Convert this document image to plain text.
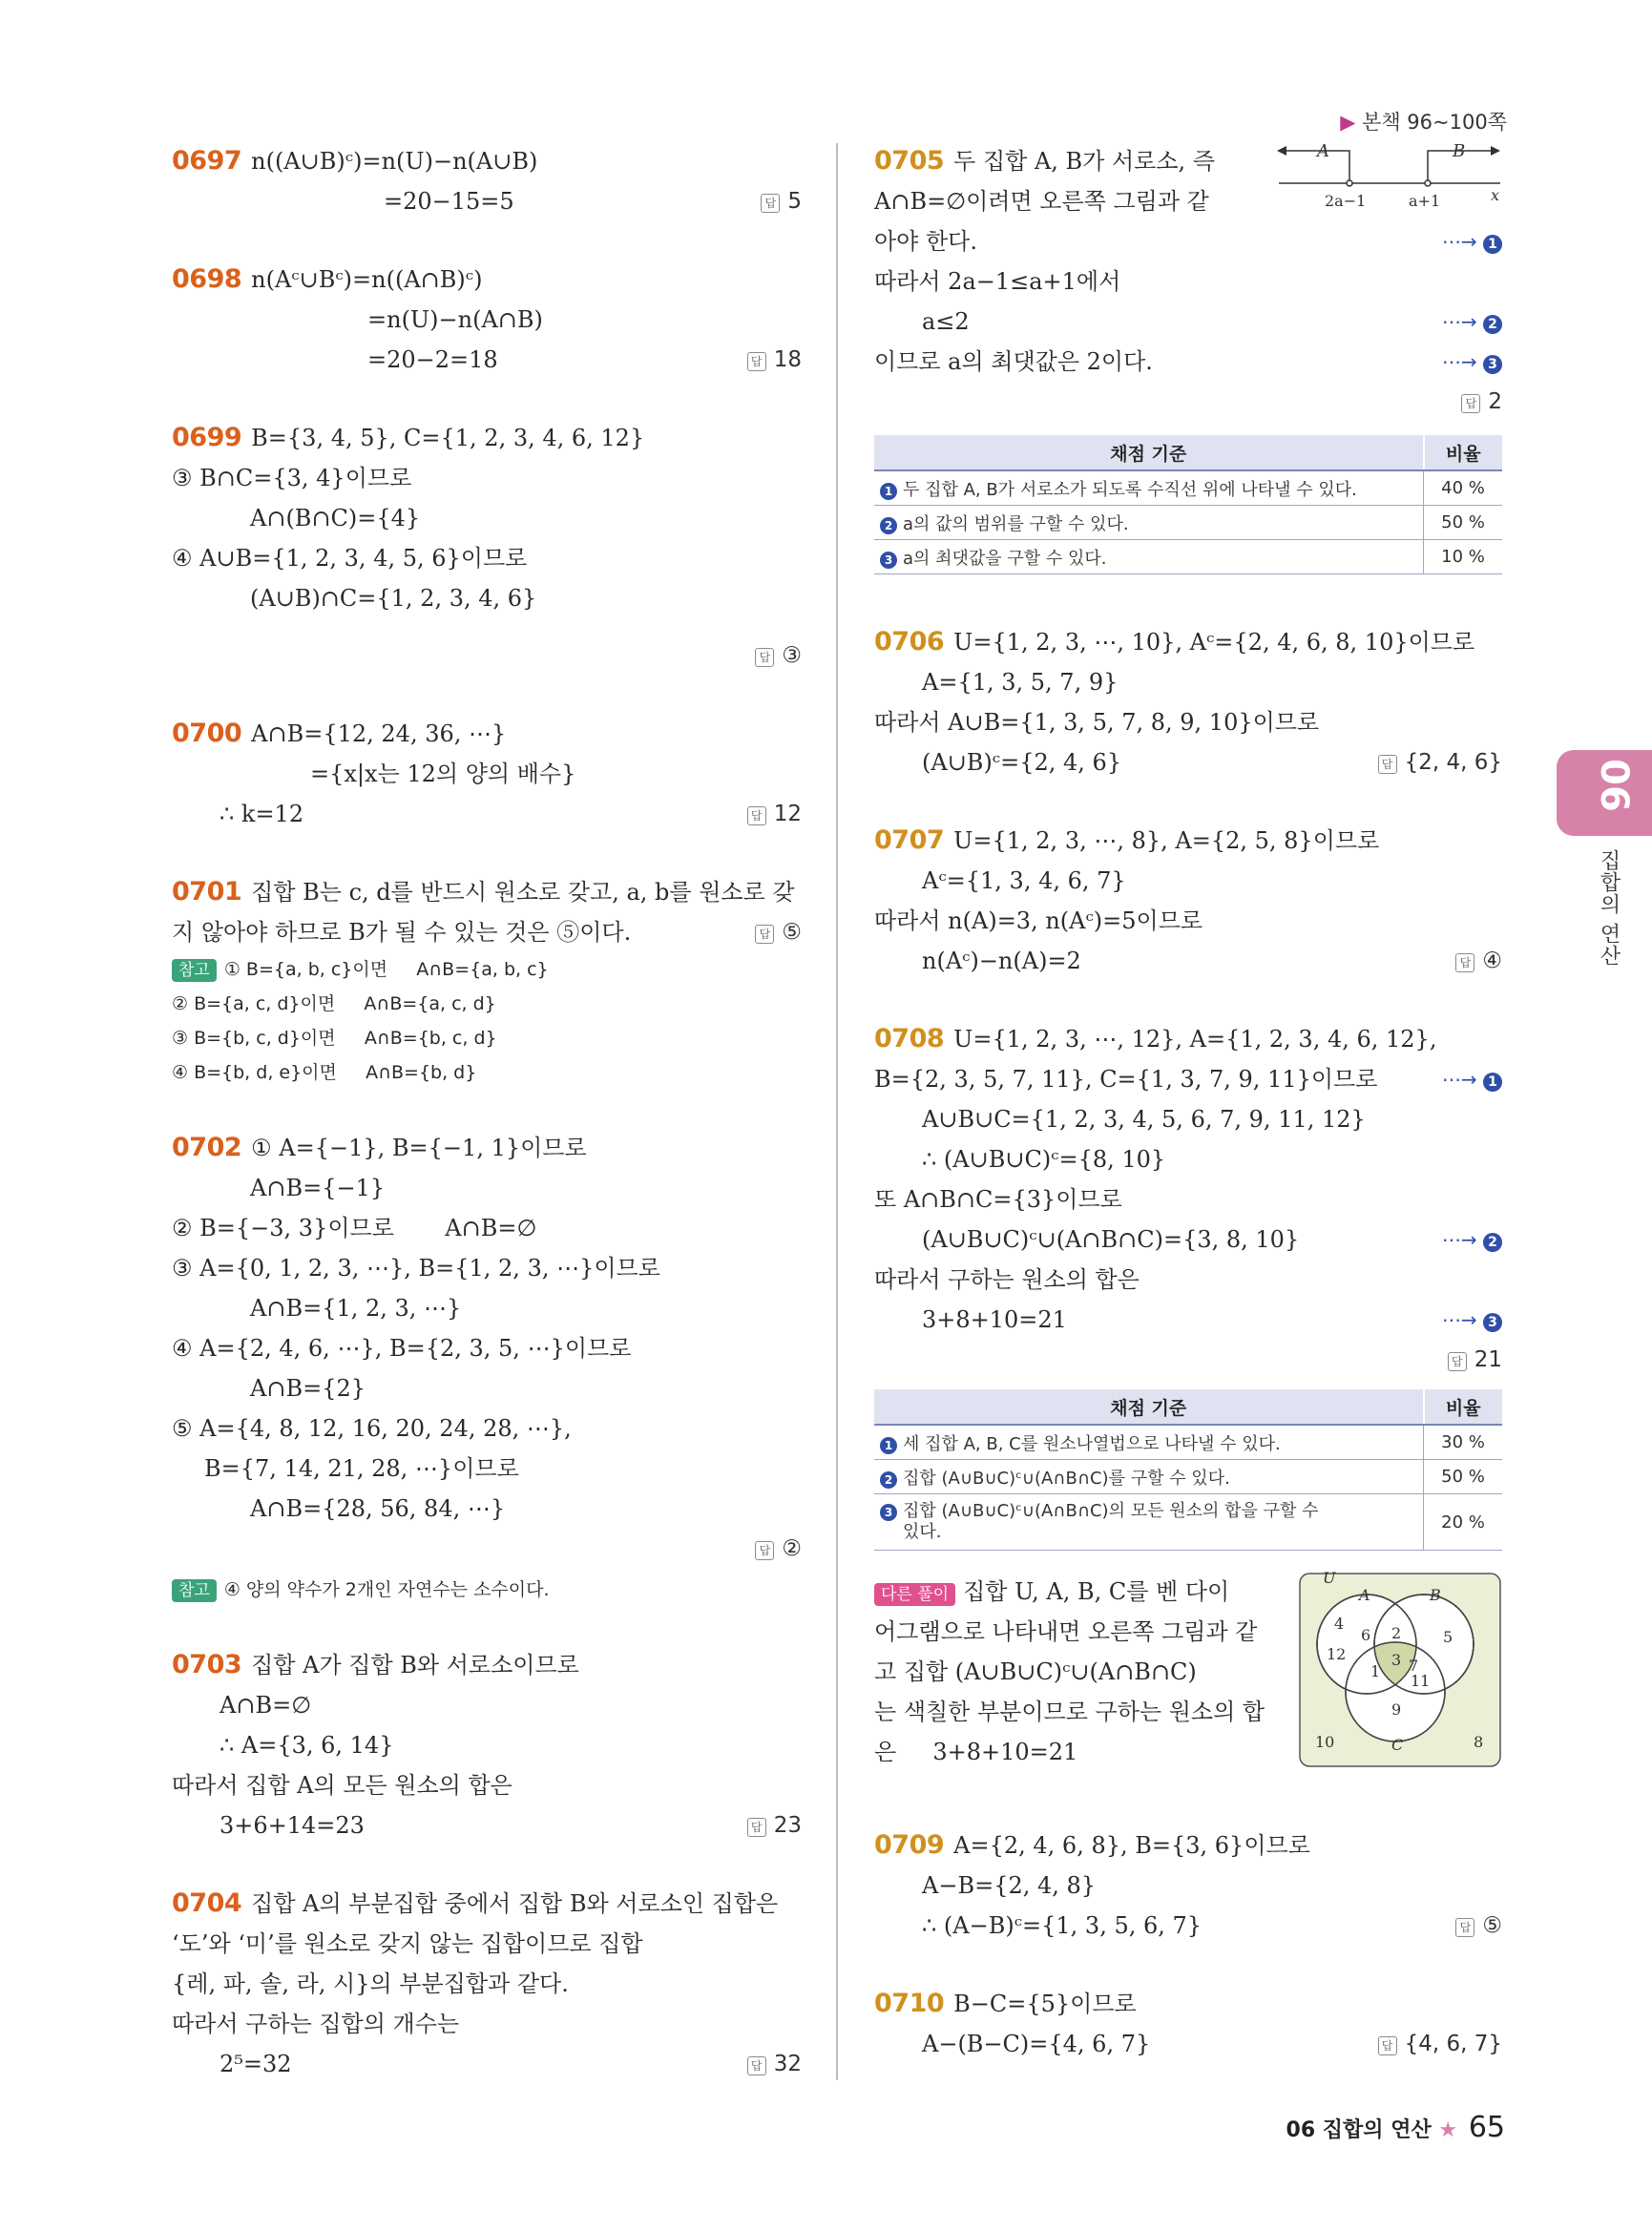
▶ 본책 96~100쪽
0697 n((A∪B)ᶜ)=n(U)−n(A∪B)
=20−15=5	답 5
0698 n(Aᶜ∪Bᶜ)=n((A∩B)ᶜ)
=n(U)−n(A∩B)
=20−2=18	답 18
0699 B={3, 4, 5}, C={1, 2, 3, 4, 6, 12}
③ B∩C={3, 4}이므로
A∩(B∩C)={4}
④ A∪B={1, 2, 3, 4, 5, 6}이므로
(A∪B)∩C={1, 2, 3, 4, 6}
답 ③
0700 A∩B={12, 24, 36, ⋯}
={x|x는 12의 양의 배수}
∴ k=12	답 12
0701 집합 B는 c, d를 반드시 원소로 갖고, a, b를 원소로 갖
지 않아야 하므로 B가 될 수 있는 것은 ⑤이다.	답 ⑤
참고 ① B={a, b, c}이면     A∩B={a, b, c}
② B={a, c, d}이면     A∩B={a, c, d}
③ B={b, c, d}이면     A∩B={b, c, d}
④ B={b, d, e}이면     A∩B={b, d}
0702 ① A={−1}, B={−1, 1}이므로
A∩B={−1}
② B={−3, 3}이므로       A∩B=∅
③ A={0, 1, 2, 3, ⋯}, B={1, 2, 3, ⋯}이므로
A∩B={1, 2, 3, ⋯}
④ A={2, 4, 6, ⋯}, B={2, 3, 5, ⋯}이므로
A∩B={2}
⑤ A={4, 8, 12, 16, 20, 24, 28, ⋯},
B={7, 14, 21, 28, ⋯}이므로
A∩B={28, 56, 84, ⋯}
답 ②
참고 ④ 양의 약수가 2개인 자연수는 소수이다.
0703 집합 A가 집합 B와 서로소이므로
A∩B=∅
∴ A={3, 6, 14}
따라서 집합 A의 모든 원소의 합은
3+6+14=23	답 23
0704 집합 A의 부분집합 중에서 집합 B와 서로소인 집합은
‘도’와 ‘미’를 원소로 갖지 않는 집합이므로 집합
{레, 파, 솔, 라, 시}의 부분집합과 같다.
따라서 구하는 집합의 개수는
2⁵=32	답 32
A	B
2a−1	a+1	x
0705 두 집합 A, B가 서로소, 즉
A∩B=∅이려면 오른쪽 그림과 같
아야 한다.	⋯→ 1
따라서 2a−1≤a+1에서
a≤2	⋯→ 2
이므로 a의 최댓값은 2이다.	⋯→ 3
답 2
채점 기준	비율
1 두 집합 A, B가 서로소가 되도록 수직선 위에 나타낼 수 있다.	40 %
2 a의 값의 범위를 구할 수 있다.	50 %
3 a의 최댓값을 구할 수 있다.	10 %
0706 U={1, 2, 3, ⋯, 10}, Aᶜ={2, 4, 6, 8, 10}이므로
A={1, 3, 5, 7, 9}
따라서 A∪B={1, 3, 5, 7, 8, 9, 10}이므로
(A∪B)ᶜ={2, 4, 6}	답 {2, 4, 6}
0707 U={1, 2, 3, ⋯, 8}, A={2, 5, 8}이므로
Aᶜ={1, 3, 4, 6, 7}
따라서 n(A)=3, n(Aᶜ)=5이므로
n(Aᶜ)−n(A)=2	답 ④
0708 U={1, 2, 3, ⋯, 12}, A={1, 2, 3, 4, 6, 12},
B={2, 3, 5, 7, 11}, C={1, 3, 7, 9, 11}이므로	⋯→ 1
A∪B∪C={1, 2, 3, 4, 5, 6, 7, 9, 11, 12}
∴ (A∪B∪C)ᶜ={8, 10}
또 A∩B∩C={3}이므로
(A∪B∪C)ᶜ∪(A∩B∩C)={3, 8, 10}	⋯→ 2
따라서 구하는 원소의 합은
3+8+10=21	⋯→ 3
답 21
채점 기준	비율
1 세 집합 A, B, C를 원소나열법으로 나타낼 수 있다.	30 %
2 집합 (A∪B∪C)ᶜ∪(A∩B∩C)를 구할 수 있다.	50 %
3 집합 (A∪B∪C)ᶜ∪(A∩B∩C)의 모든 원소의 합을 구할 수
있다.	20 %
U
A	B
C
4
6
12
2	5
1
3 7
11
9
10	8
다른 풀이 집합 U, A, B, C를 벤 다이
어그램으로 나타내면 오른쪽 그림과 같
고 집합 (A∪B∪C)ᶜ∪(A∩B∩C)
는 색칠한 부분이므로 구하는 원소의 합
은     3+8+10=21
0709 A={2, 4, 6, 8}, B={3, 6}이므로
A−B={2, 4, 8}
∴ (A−B)ᶜ={1, 3, 5, 6, 7}	답 ⑤
0710 B−C={5}이므로
A−(B−C)={4, 6, 7}	답 {4, 6, 7}
06
집합의 연산
06 집합의 연산 ★ 65
